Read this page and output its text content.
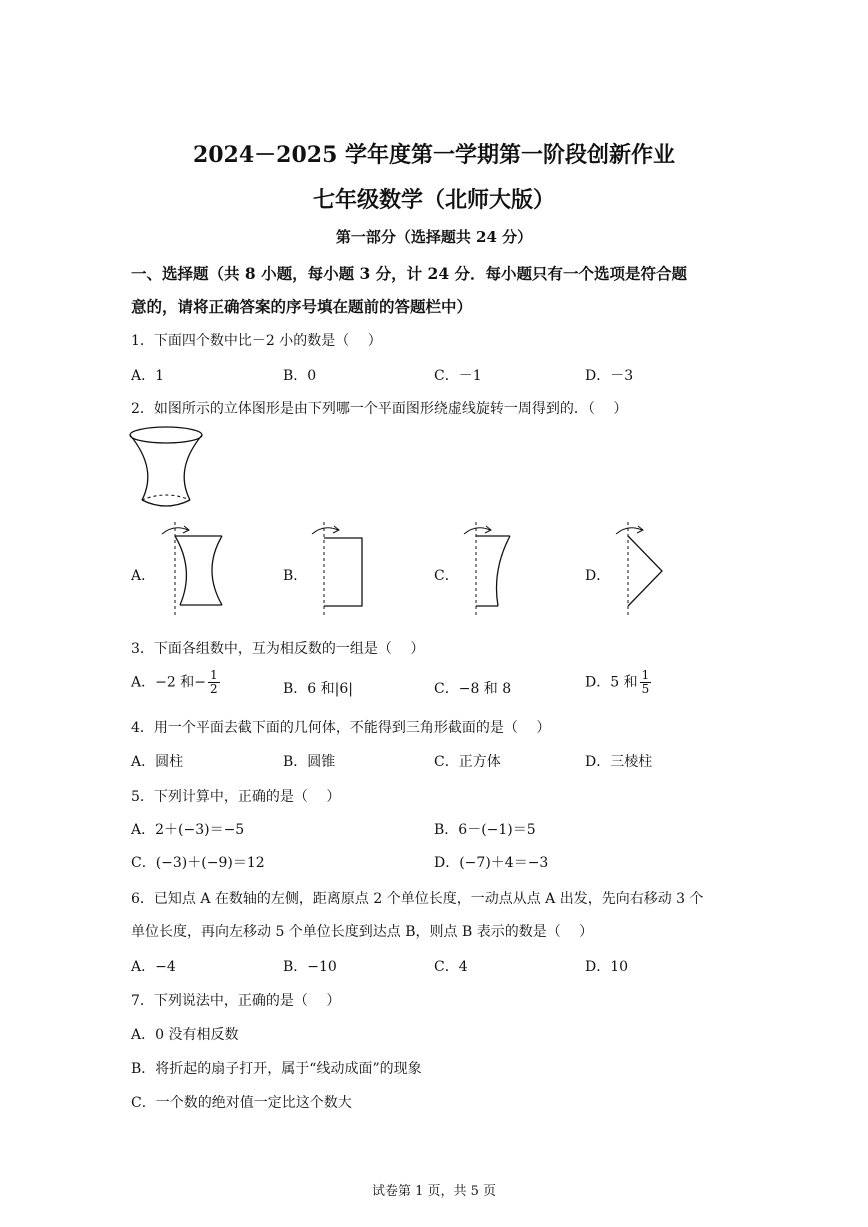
2024－2025 学年度第一学期第一阶段创新作业
七年级数学（北师大版）
第一部分（选择题共 24 分）
一、选择题（共 8 小题，每小题 3 分，计 24 分．每小题只有一个选项是符合题
意的，请将正确答案的序号填在题前的答题栏中）
1．下面四个数中比－2 小的数是（　 ）
A．1	B．0	C．－1	D．－3
2．如图所示的立体图形是由下列哪一个平面图形绕虚线旋转一周得到的．（　 ）
A．	B．	C．	D．
3．下面各组数中，互为相反数的一组是（　 ）
A．−2 和− $\frac{1}{2}$	B．6 和|6|	C．−8 和 8	D．5 和 $\frac{1}{5}$
4．用一个平面去截下面的几何体，不能得到三角形截面的是（　 ）
A．圆柱	B．圆锥	C．正方体	D．三棱柱
5．下列计算中，正确的是（　 ）
A．2＋(−3)＝−5	B．6－(−1)＝5
C．(−3)＋(−9)＝12	D．(−7)＋4＝−3
6．已知点 A 在数轴的左侧，距离原点 2 个单位长度，一动点从点 A 出发，先向右移动 3 个
单位长度，再向左移动 5 个单位长度到达点 B，则点 B 表示的数是（　 ）
A．−4	B．−10	C．4	D．10
7．下列说法中，正确的是（　 ）
A．0 没有相反数
B．将折起的扇子打开，属于“线动成面”的现象
C．一个数的绝对值一定比这个数大
试卷第 1 页，共 5 页
